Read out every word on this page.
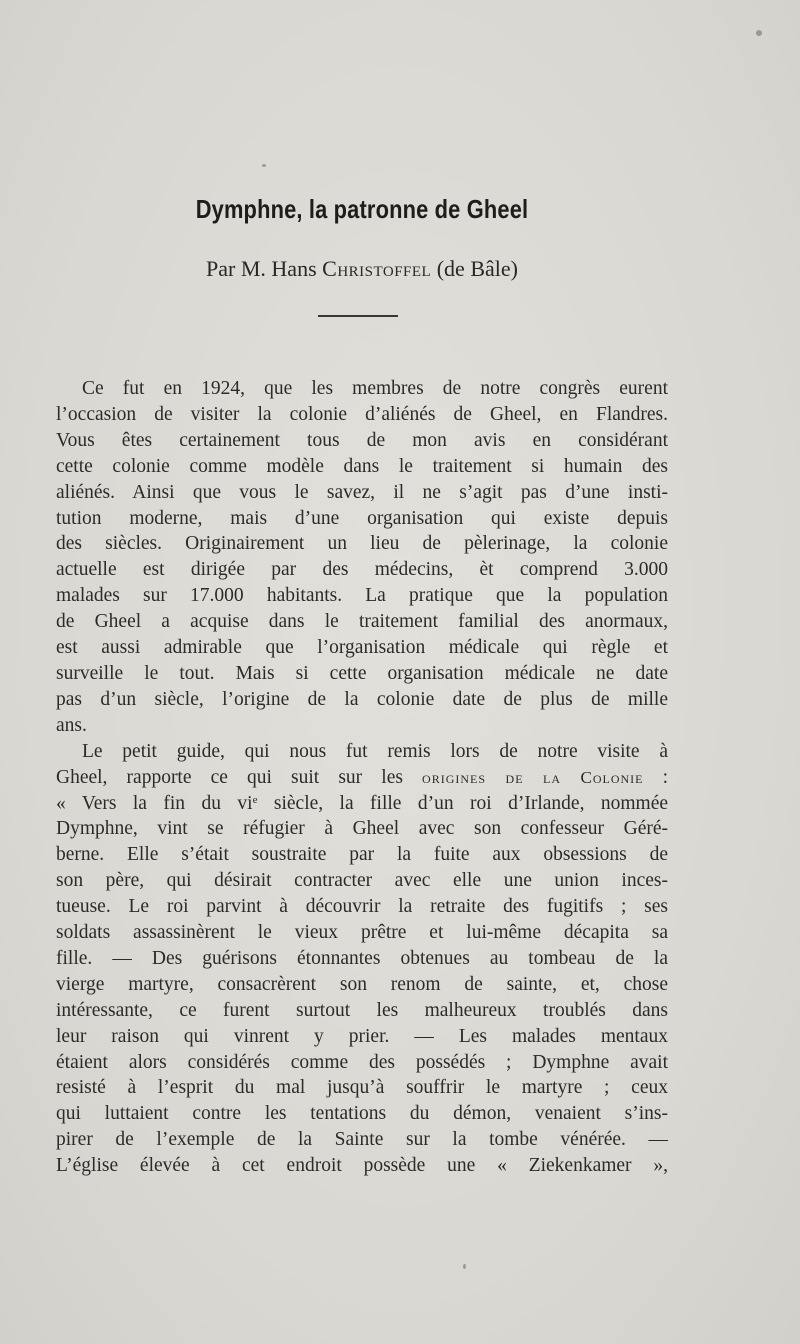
Dymphne, la patronne de Gheel
Par M. Hans Christoffel (de Bâle)
Ce fut en 1924, que les membres de notre congrès eurent
l’occasion de visiter la colonie d’aliénés de Gheel, en Flandres.
Vous êtes certainement tous de mon avis en considérant
cette colonie comme modèle dans le traitement si humain des
aliénés. Ainsi que vous le savez, il ne s’agit pas d’une insti-
tution moderne, mais d’une organisation qui existe depuis
des siècles. Originairement un lieu de pèlerinage, la colonie
actuelle est dirigée par des médecins, èt comprend 3.000
malades sur 17.000 habitants. La pratique que la population
de Gheel a acquise dans le traitement familial des anormaux,
est aussi admirable que l’organisation médicale qui règle et
surveille le tout. Mais si cette organisation médicale ne date
pas d’un siècle, l’origine de la colonie date de plus de mille
ans.
Le petit guide, qui nous fut remis lors de notre visite à
Gheel, rapporte ce qui suit sur les origines de la Colonie :
« Vers la fin du $vi^e$ siècle, la fille d’un roi d’Irlande, nommée
Dymphne, vint se réfugier à Gheel avec son confesseur Géré-
berne. Elle s’était soustraite par la fuite aux obsessions de
son père, qui désirait contracter avec elle une union inces-
tueuse. Le roi parvint à découvrir la retraite des fugitifs ; ses
soldats assassinèrent le vieux prêtre et lui-même décapita sa
fille. — Des guérisons étonnantes obtenues au tombeau de la
vierge martyre, consacrèrent son renom de sainte, et, chose
intéressante, ce furent surtout les malheureux troublés dans
leur raison qui vinrent y prier. — Les malades mentaux
étaient alors considérés comme des possédés ; Dymphne avait
resisté à l’esprit du mal jusqu’à souffrir le martyre ; ceux
qui luttaient contre les tentations du démon, venaient s’ins-
pirer de l’exemple de la Sainte sur la tombe vénérée. —
L’église élevée à cet endroit possède une « Ziekenkamer »,
